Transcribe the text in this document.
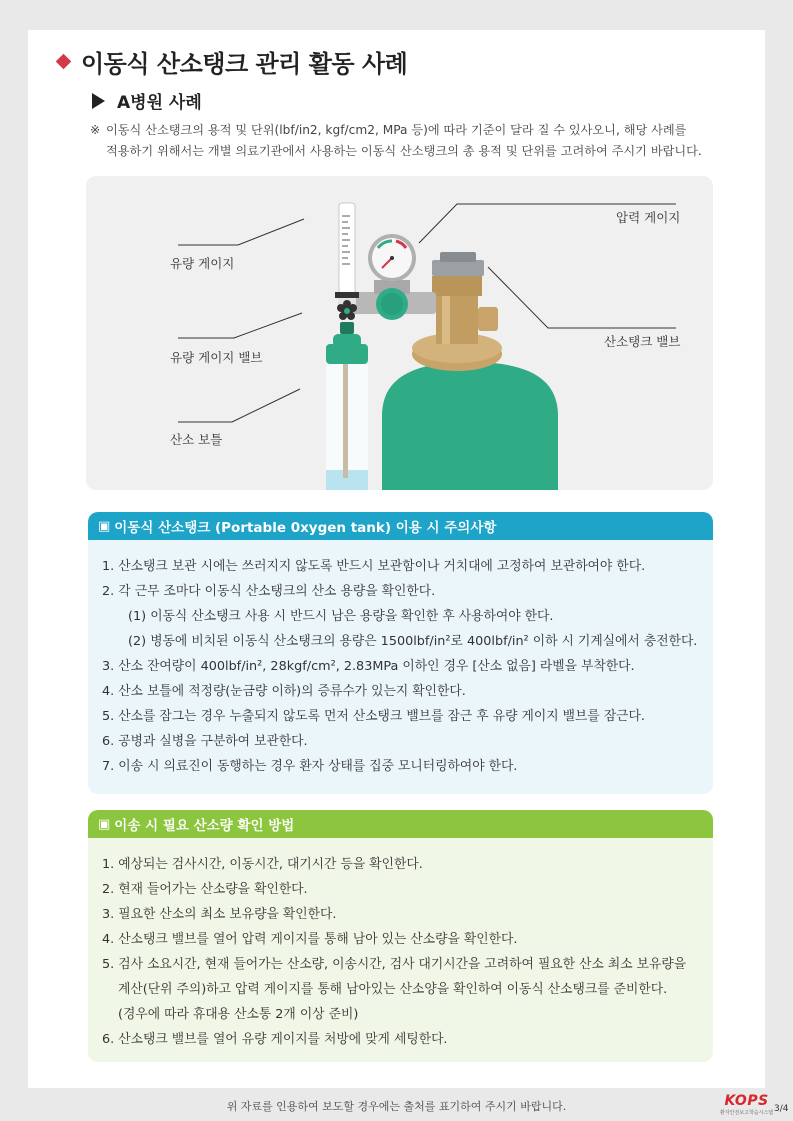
이동식 산소탱크 관리 활동 사례
A병원 사례
※ 이동식 산소탱크의 용적 및 단위(lbf/in2, kgf/cm2, MPa 등)에 따라 기준이 달라 질 수 있사오니, 해당 사례를
적용하기 위해서는 개별 의료기관에서 사용하는 이동식 산소탱크의 총 용적 및 단위를 고려하여 주시기 바랍니다.
유량 게이지
유량 게이지 밸브
산소 보틀
압력 게이지
산소탱크 밸브
▣ 이동식 산소탱크 (Portable 0xygen tank) 이용 시 주의사항
1. 산소탱크 보관 시에는 쓰러지지 않도록 반드시 보관함이나 거치대에 고정하여 보관하여야 한다.
2. 각 근무 조마다 이동식 산소탱크의 산소 용량을 확인한다.
(1) 이동식 산소탱크 사용 시 반드시 남은 용량을 확인한 후 사용하여야 한다.
(2) 병동에 비치된 이동식 산소탱크의 용량은 1500lbf/in²로 400lbf/in² 이하 시 기계실에서 충전한다.
3. 산소 잔여량이 400lbf/in², 28kgf/cm², 2.83MPa 이하인 경우 [산소 없음] 라벨을 부착한다.
4. 산소 보틀에 적정량(눈금량 이하)의 증류수가 있는지 확인한다.
5. 산소를 잠그는 경우 누출되지 않도록 먼저 산소탱크 밸브를 잠근 후 유량 게이지 밸브를 잠근다.
6. 공병과 실병을 구분하여 보관한다.
7. 이송 시 의료진이 동행하는 경우 환자 상태를 집중 모니터링하여야 한다.
▣ 이송 시 필요 산소량 확인 방법
1. 예상되는 검사시간, 이동시간, 대기시간 등을 확인한다.
2. 현재 들어가는 산소량을 확인한다.
3. 필요한 산소의 최소 보유량을 확인한다.
4. 산소탱크 밸브를 열어 압력 게이지를 통해 남아 있는 산소량을 확인한다.
5. 검사 소요시간, 현재 들어가는 산소량, 이송시간, 검사 대기시간을 고려하여 필요한 산소 최소 보유량을
계산(단위 주의)하고 압력 게이지를 통해 남아있는 산소양을 확인하여 이동식 산소탱크를 준비한다.
(경우에 따라 휴대용 산소통 2개 이상 준비)
6. 산소탱크 밸브를 열어 유량 게이지를 처방에 맞게 세팅한다.
위 자료를 인용하여 보도할 경우에는 출처를 표기하여 주시기 바랍니다.	KOPS
환자안전보고학습시스템 3/4
